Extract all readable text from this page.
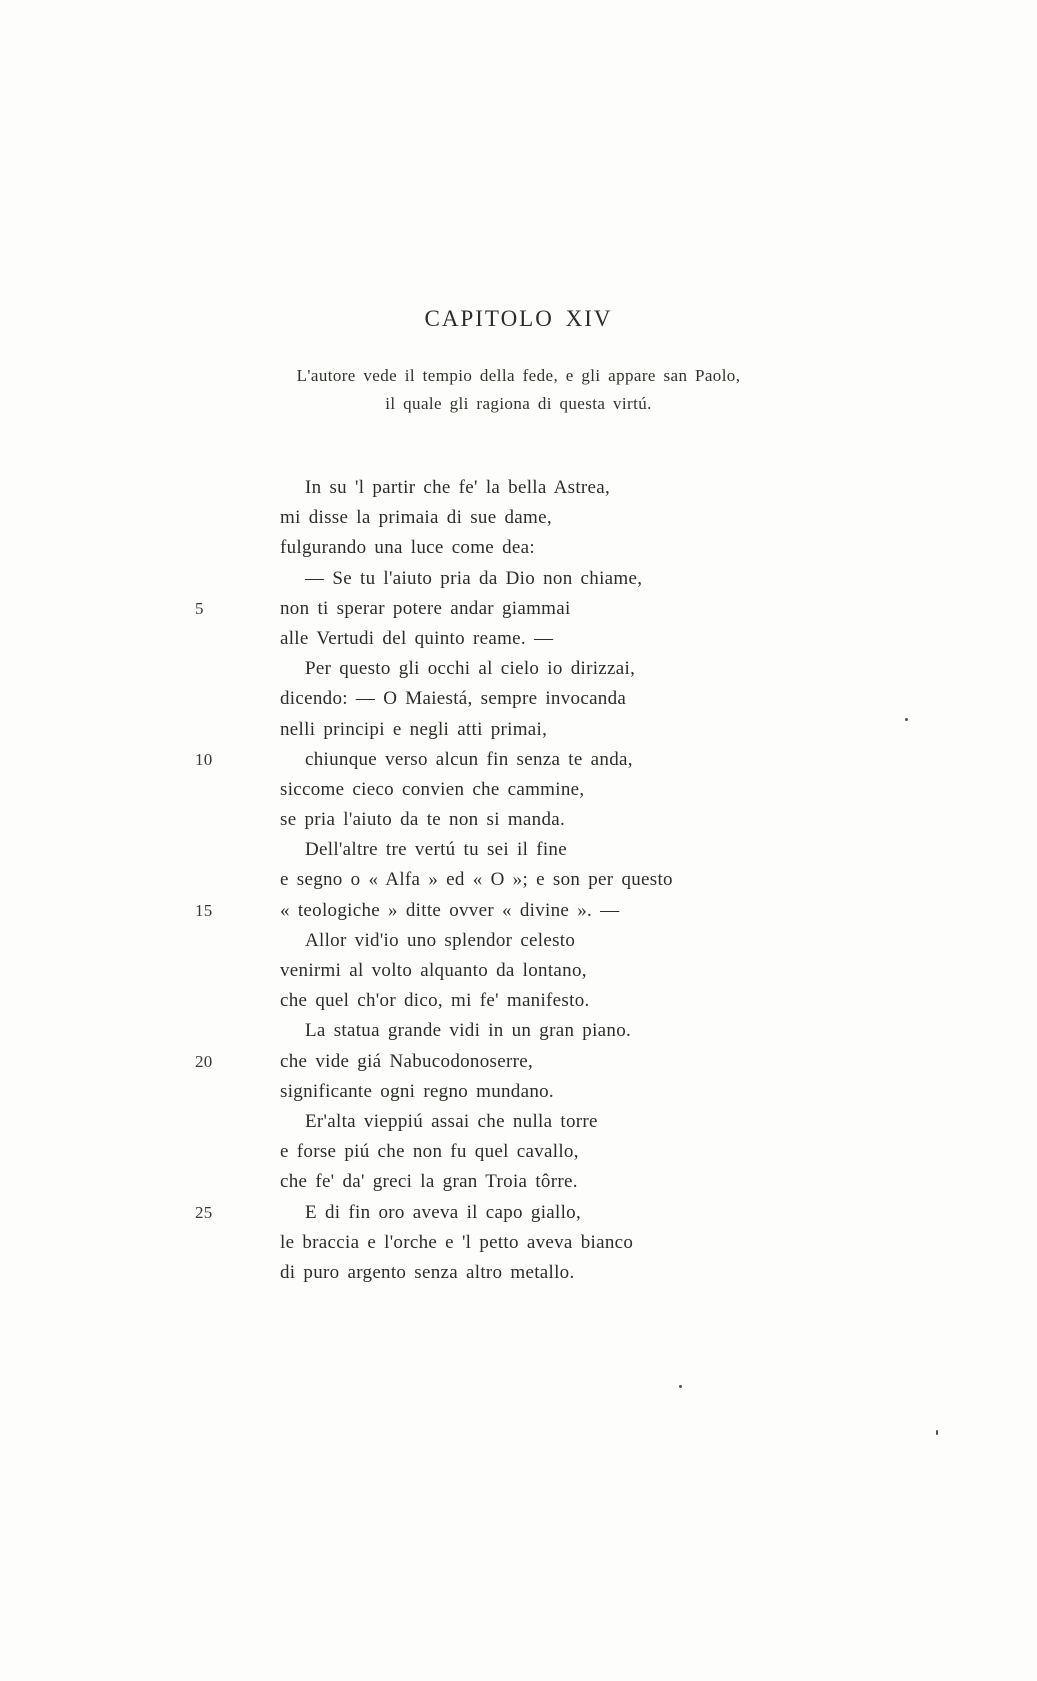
CAPITOLO XIV
L'autore vede il tempio della fede, e gli appare san Paolo,
il quale gli ragiona di questa virtú.
In su 'l partir che fe' la bella Astrea,
mi disse la primaia di sue dame,
fulgurando una luce come dea:
— Se tu l'aiuto pria da Dio non chiame,
5	non ti sperar potere andar giammai
alle Vertudi del quinto reame. —
Per questo gli occhi al cielo io dirizzai,
dicendo: — O Maiestá, sempre invocanda
nelli principi e negli atti primai,
10	chiunque verso alcun fin senza te anda,
siccome cieco convien che cammine,
se pria l'aiuto da te non si manda.
Dell'altre tre vertú tu sei il fine
e segno o « Alfa » ed « O »; e son per questo
15	« teologiche » ditte ovver « divine ». —
Allor vid'io uno splendor celesto
venirmi al volto alquanto da lontano,
che quel ch'or dico, mi fe' manifesto.
La statua grande vidi in un gran piano.
20	che vide giá Nabucodonoserre,
significante ogni regno mundano.
Er'alta vieppiú assai che nulla torre
e forse piú che non fu quel cavallo,
che fe' da' greci la gran Troia tôrre.
25	E di fin oro aveva il capo giallo,
le braccia e l'orche e 'l petto aveva bianco
di puro argento senza altro metallo.
